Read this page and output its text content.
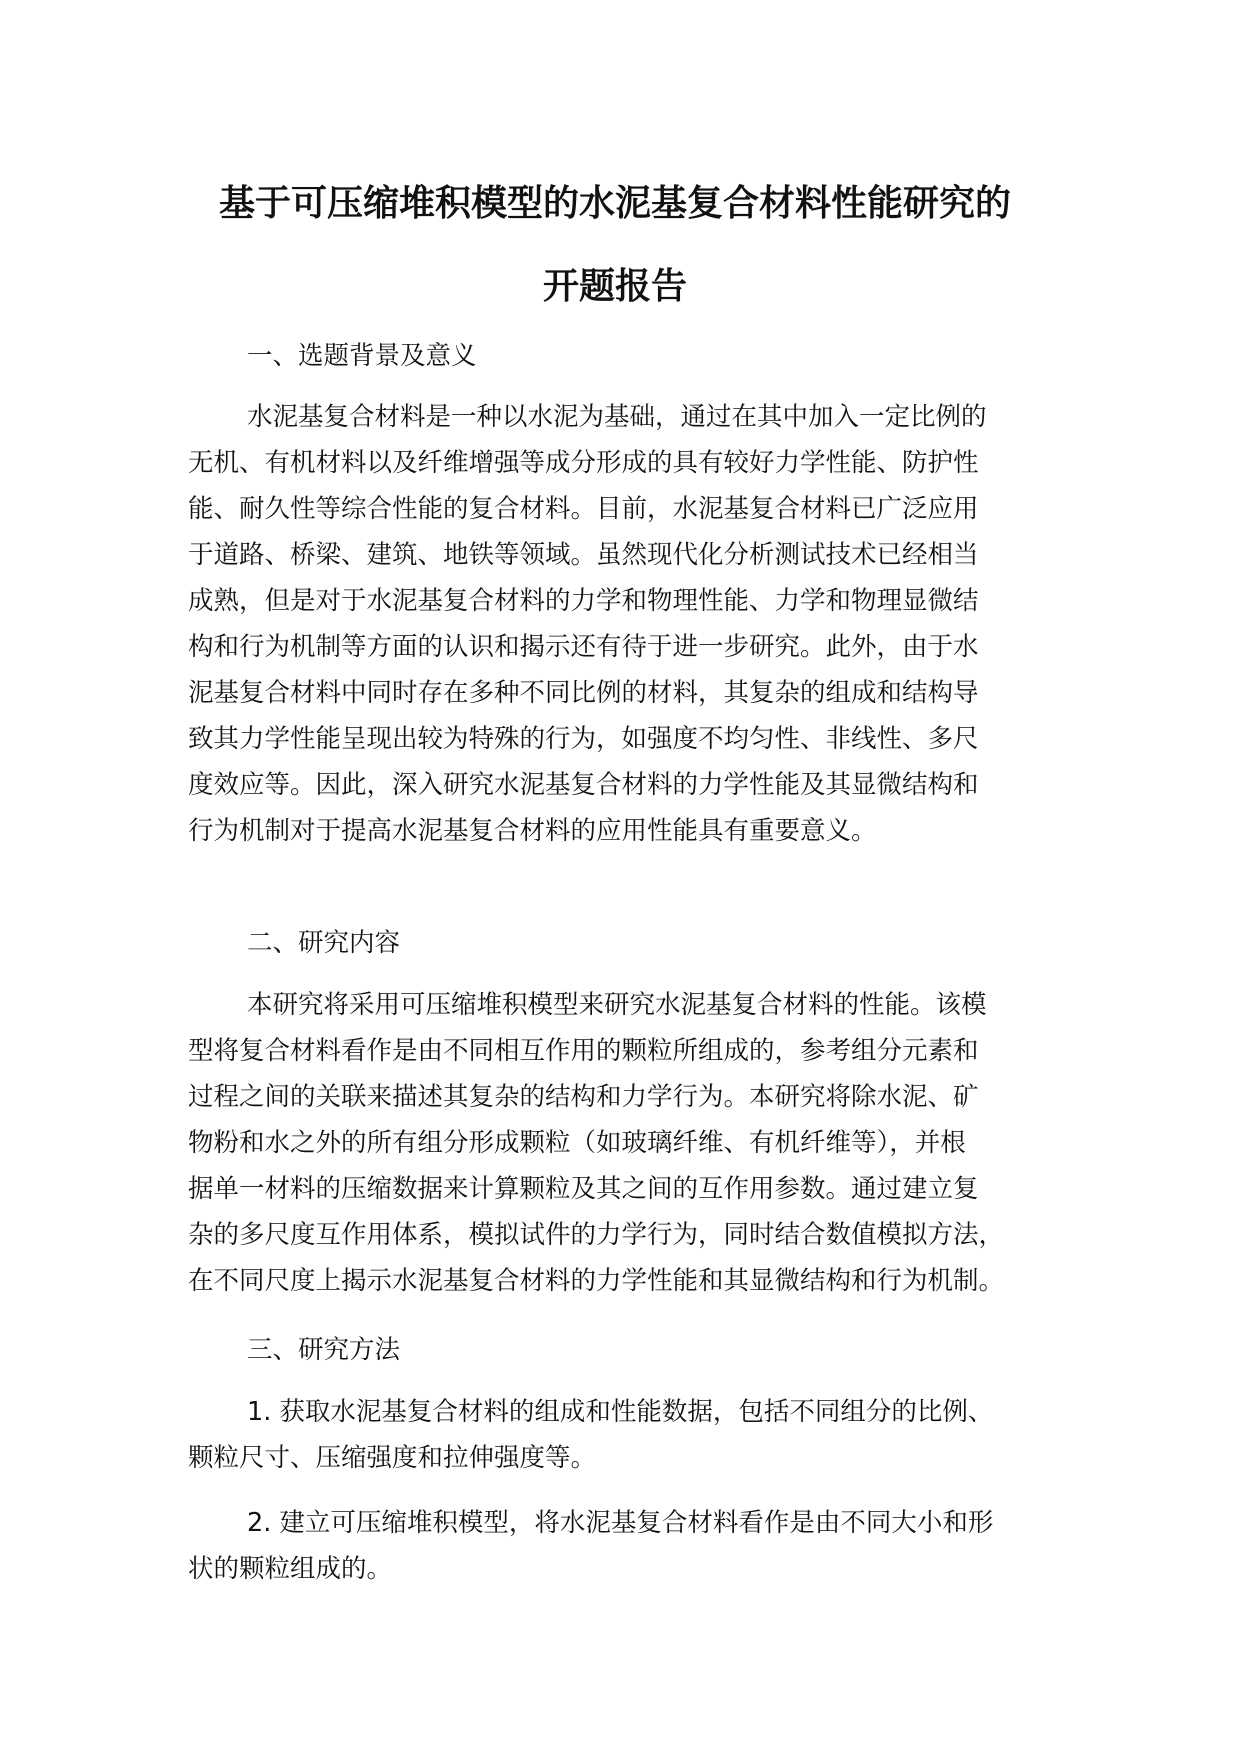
基于可压缩堆积模型的水泥基复合材料性能研究的
开题报告

一、选题背景及意义

水泥基复合材料是一种以水泥为基础，通过在其中加入一定比例的
无机、有机材料以及纤维增强等成分形成的具有较好力学性能、防护性
能、耐久性等综合性能的复合材料。目前，水泥基复合材料已广泛应用
于道路、桥梁、建筑、地铁等领域。虽然现代化分析测试技术已经相当
成熟，但是对于水泥基复合材料的力学和物理性能、力学和物理显微结
构和行为机制等方面的认识和揭示还有待于进一步研究。此外，由于水
泥基复合材料中同时存在多种不同比例的材料，其复杂的组成和结构导
致其力学性能呈现出较为特殊的行为，如强度不均匀性、非线性、多尺
度效应等。因此，深入研究水泥基复合材料的力学性能及其显微结构和
行为机制对于提高水泥基复合材料的应用性能具有重要意义。

二、研究内容

本研究将采用可压缩堆积模型来研究水泥基复合材料的性能。该模
型将复合材料看作是由不同相互作用的颗粒所组成的，参考组分元素和
过程之间的关联来描述其复杂的结构和力学行为。本研究将除水泥、矿
物粉和水之外的所有组分形成颗粒（如玻璃纤维、有机纤维等），并根
据单一材料的压缩数据来计算颗粒及其之间的互作用参数。通过建立复
杂的多尺度互作用体系，模拟试件的力学行为，同时结合数值模拟方法，
在不同尺度上揭示水泥基复合材料的力学性能和其显微结构和行为机制。

三、研究方法

1. 获取水泥基复合材料的组成和性能数据，包括不同组分的比例、
颗粒尺寸、压缩强度和拉伸强度等。
2. 建立可压缩堆积模型，将水泥基复合材料看作是由不同大小和形
状的颗粒组成的。
